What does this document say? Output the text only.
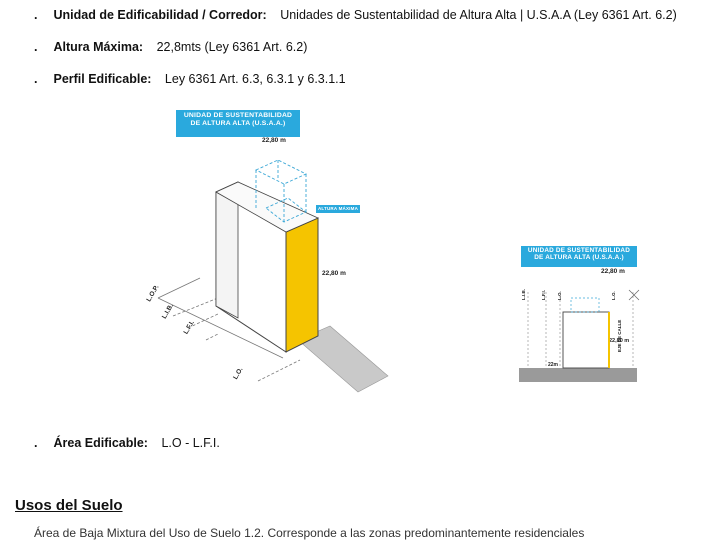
. Unidad de Edificabilidad / Corredor: Unidades de Sustentabilidad de Altura Alta | U.S.A.A (Ley 6361 Art. 6.2)
. Altura Máxima: 22,8mts (Ley 6361 Art. 6.2)
. Perfil Edificable: Ley 6361 Art. 6.3, 6.3.1 y 6.3.1.1
UNIDAD DE SUSTENTABILIDAD
DE ALTURA ALTA (U.S.A.A.)
22,80 m
ALTURA MÁXIMA
22,80 m
L.O.P.
L.I.B.
L.F.I.
L.O.
UNIDAD DE SUSTENTABILIDAD
DE ALTURA ALTA (U.S.A.A.)
22,80 m
22,80 m
22m
EJE DE CALLE
L.I.B.	L.F.I. L.O.	L.O.
. Área Edificable: L.O - L.F.I.
Usos del Suelo
Área de Baja Mixtura del Uso de Suelo 1.2. Corresponde a las zonas predominantemente residenciales
